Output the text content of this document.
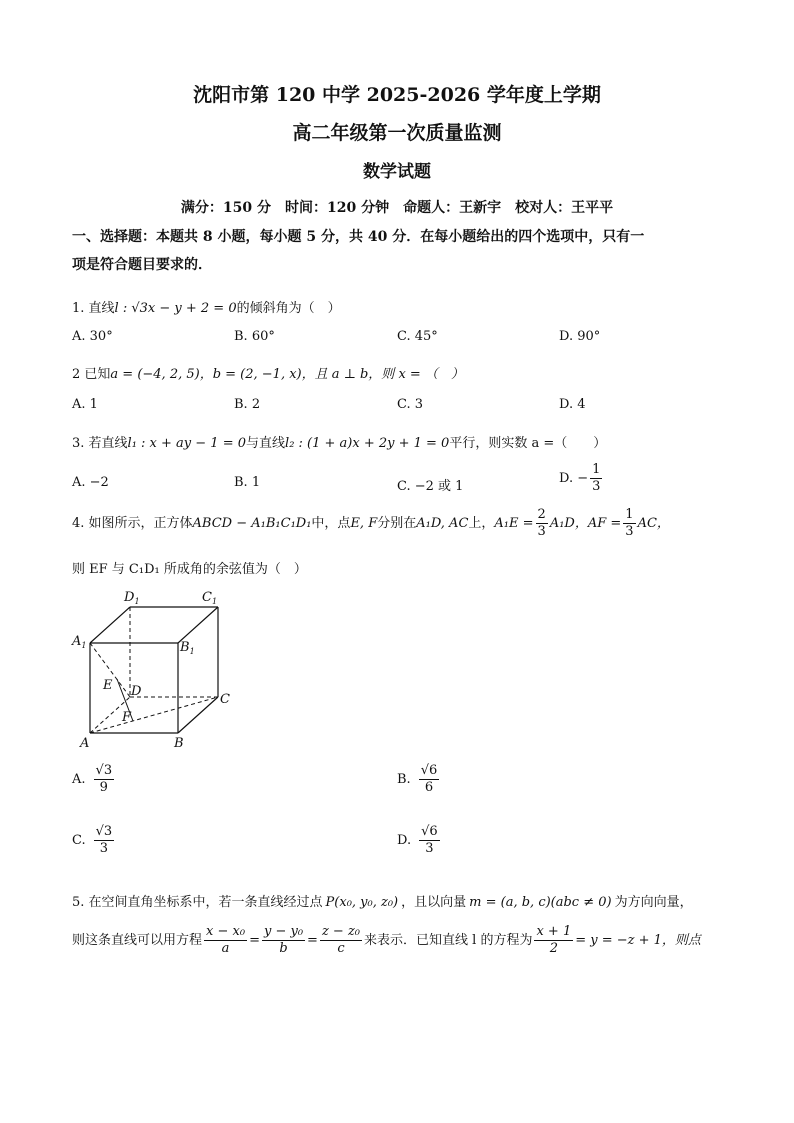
沈阳市第 120 中学 2025-2026 学年度上学期
高二年级第一次质量监测
数学试题
满分：150 分　时间：120 分钟　命题人：王新宇　校对人：王平平
一、选择题：本题共 8 小题，每小题 5 分，共 40 分．在每小题给出的四个选项中，只有一
项是符合题目要求的．
1. 直线l : √3x − y + 2 = 0的倾斜角为（　）
A. 30°	B. 60°	C. 45°	D. 90°
2 已知a = (−4, 2, 5)，b = (2, −1, x)，且 a ⊥ b，则 x = （　）
A. 1	B. 2	C. 3	D. 4
3. 若直线l₁ : x + ay − 1 = 0与直线l₂ : (1 + a)x + 2y + 1 = 0平行，则实数 a =（　　）
A. −2	B. 1	C. −2 或 1
D. − $\frac{1}{3}$
4. 如图所示，正方体ABCD − A₁B₁C₁D₁中，点E, F分别在A₁D, AC上，$A_1E = \frac{2}{3} A_1D$，AF = $\frac{1}{3}$ AC，
则 EF 与 C₁D₁ 所成角的余弦值为（　）
$D_1$	$C_1$
$A_1$	$B_1$
E D
C
F
A	B
A. $\frac{√3}{9}$	B. $\frac{√6}{6}$
C. $\frac{√3}{3}$	D. $\frac{√6}{3}$
5. 在空间直角坐标系中，若一条直线经过点 P(x₀, y₀, z₀) ，且以向量 m = (a, b, c)(abc ≠ 0) 为方向向量，
则这条直线可以用方程 $\frac{\text{x − x₀}}{a} = \frac{\text{y − y₀}}{b} = \frac{\text{z − z₀}}{c}$ 来表示．已知直线 l 的方程为 $\frac{x + 1}{2} = y = -z + 1$，则点
